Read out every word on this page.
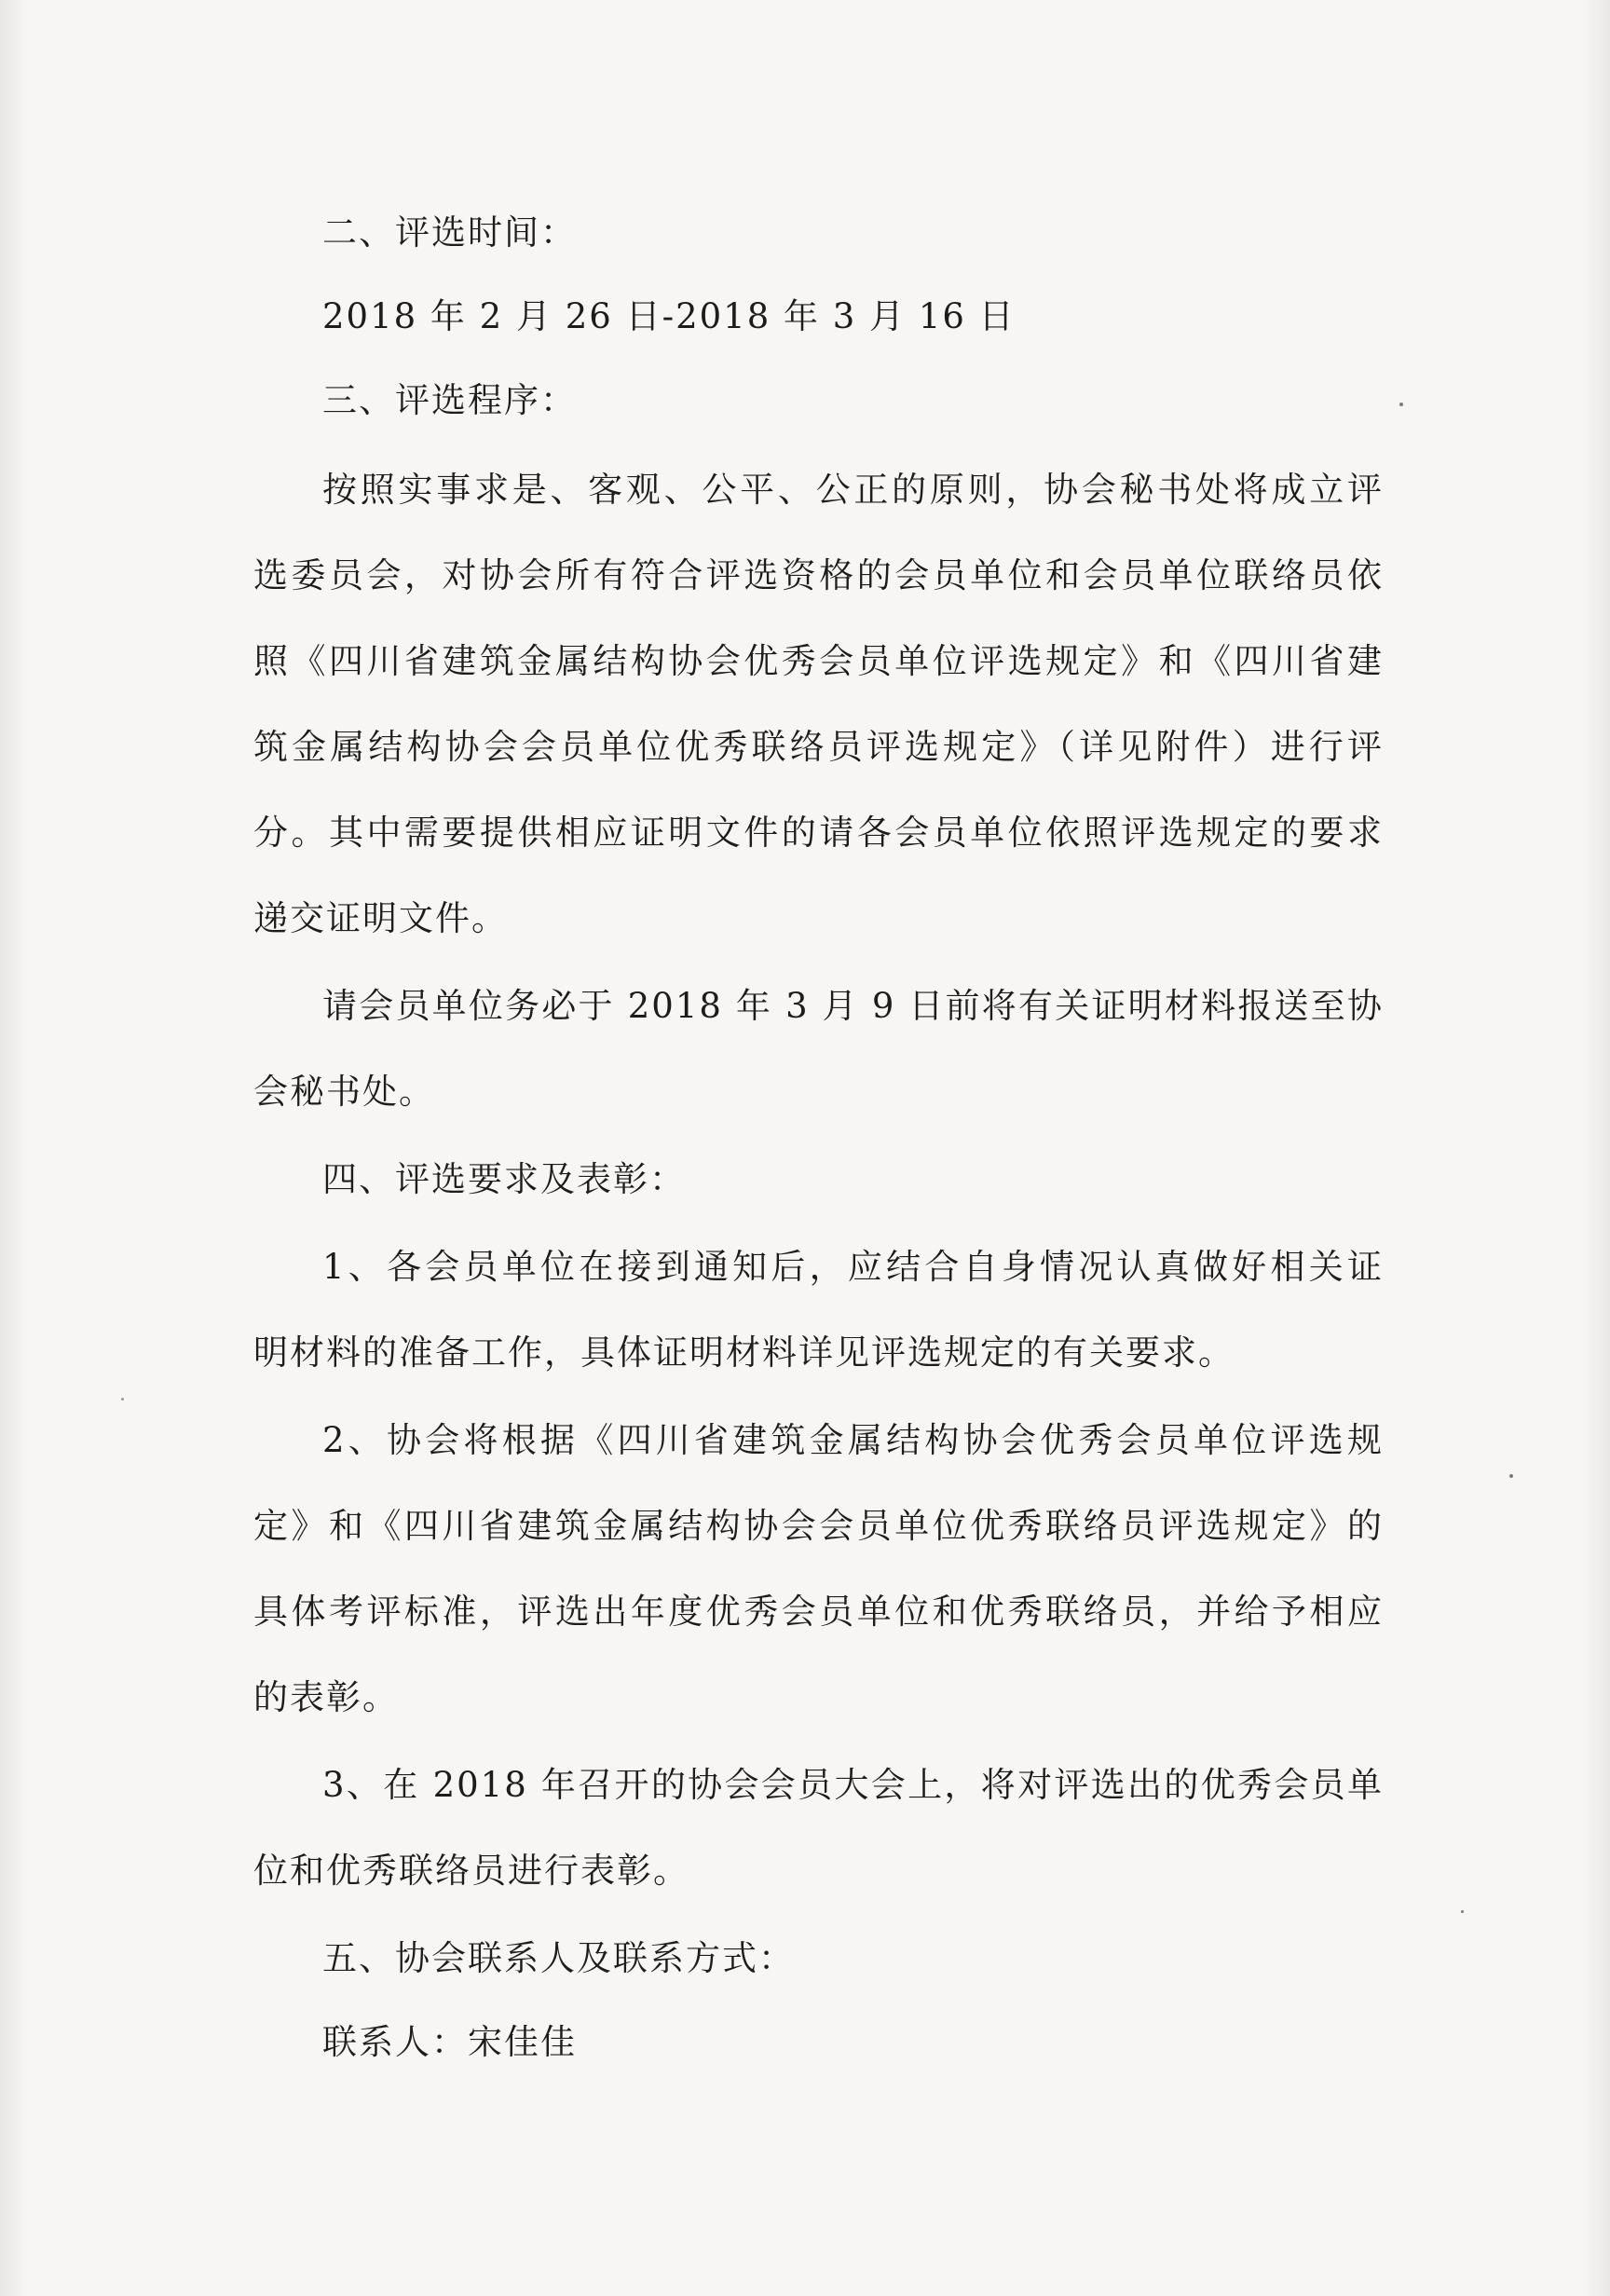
二、评选时间：
2018 年 2 月 26 日-2018 年 3 月 16 日
三、评选程序：
按照实事求是、客观、公平、公正的原则，协会秘书处将成立评
选委员会，对协会所有符合评选资格的会员单位和会员单位联络员依
照《四川省建筑金属结构协会优秀会员单位评选规定》和《四川省建
筑金属结构协会会员单位优秀联络员评选规定》（详见附件）进行评
分。其中需要提供相应证明文件的请各会员单位依照评选规定的要求
递交证明文件。
请会员单位务必于 2018 年 3 月 9 日前将有关证明材料报送至协
会秘书处。
四、评选要求及表彰：
1、各会员单位在接到通知后，应结合自身情况认真做好相关证
明材料的准备工作，具体证明材料详见评选规定的有关要求。
2、协会将根据《四川省建筑金属结构协会优秀会员单位评选规
定》和《四川省建筑金属结构协会会员单位优秀联络员评选规定》的
具体考评标准，评选出年度优秀会员单位和优秀联络员，并给予相应
的表彰。
3、在 2018 年召开的协会会员大会上，将对评选出的优秀会员单
位和优秀联络员进行表彰。
五、协会联系人及联系方式：
联系人：宋佳佳
